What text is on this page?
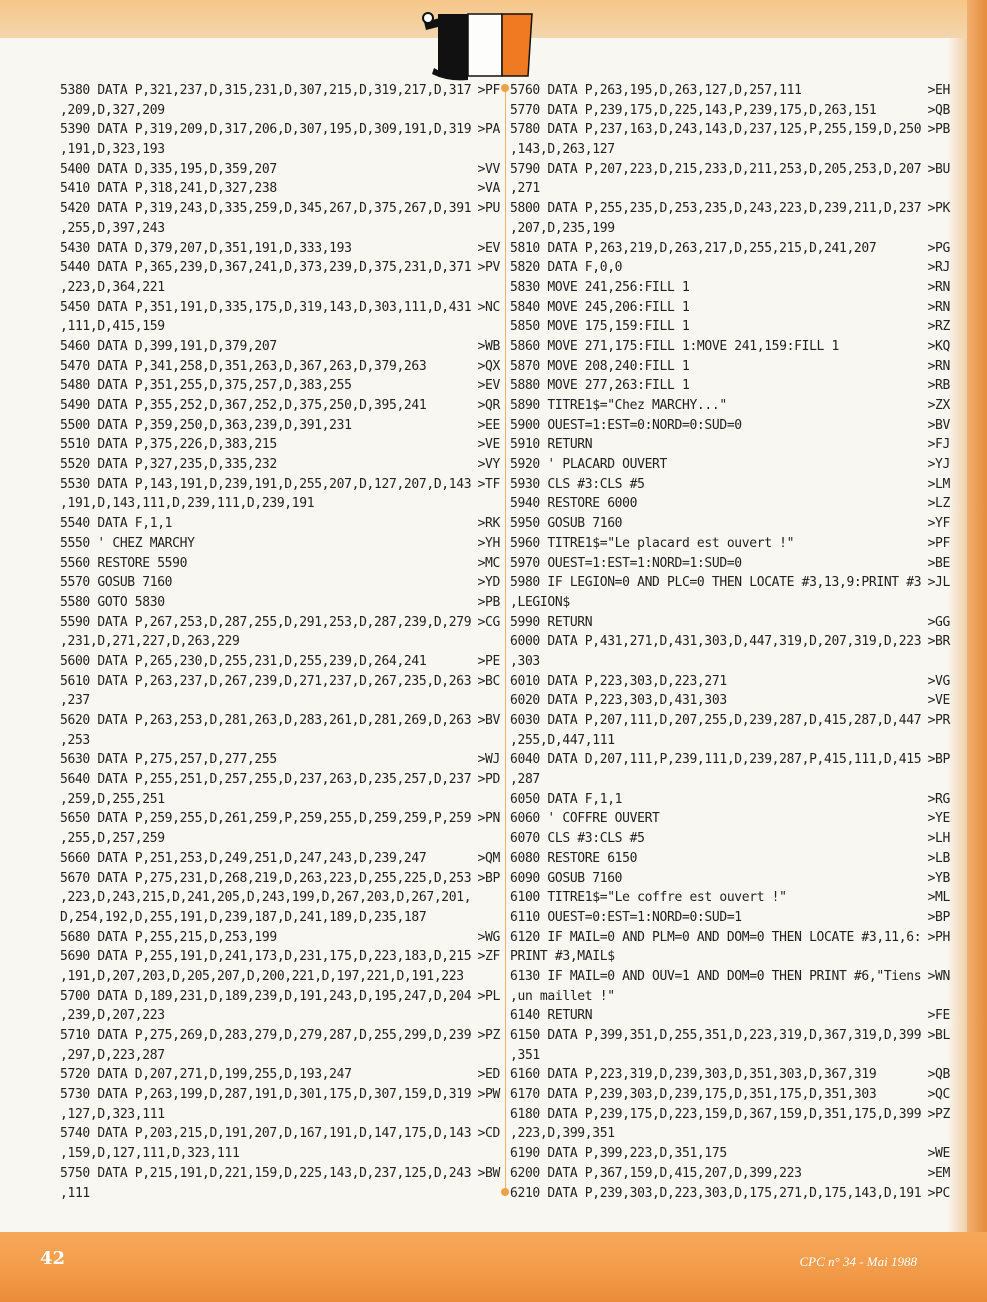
5380 DATA P,321,237,D,315,231,D,307,215,D,319,217,D,317 >PF
,209,D,327,209
5390 DATA P,319,209,D,317,206,D,307,195,D,309,191,D,319 >PA
,191,D,323,193
5400 DATA D,335,195,D,359,207	>VV
5410 DATA P,318,241,D,327,238	>VA
5420 DATA P,319,243,D,335,259,D,345,267,D,375,267,D,391 >PU
,255,D,397,243
5430 DATA D,379,207,D,351,191,D,333,193	>EV
5440 DATA P,365,239,D,367,241,D,373,239,D,375,231,D,371 >PV
,223,D,364,221
5450 DATA P,351,191,D,335,175,D,319,143,D,303,111,D,431 >NC
,111,D,415,159
5460 DATA D,399,191,D,379,207	>WB
5470 DATA P,341,258,D,351,263,D,367,263,D,379,263	>QX
5480 DATA P,351,255,D,375,257,D,383,255	>EV
5490 DATA P,355,252,D,367,252,D,375,250,D,395,241	>QR
5500 DATA P,359,250,D,363,239,D,391,231	>EE
5510 DATA P,375,226,D,383,215	>VE
5520 DATA P,327,235,D,335,232	>VY
5530 DATA P,143,191,D,239,191,D,255,207,D,127,207,D,143 >TF
,191,D,143,111,D,239,111,D,239,191
5540 DATA F,1,1	>RK
5550 ' CHEZ MARCHY	>YH
5560 RESTORE 5590	>MC
5570 GOSUB 7160	>YD
5580 GOTO 5830	>PB
5590 DATA P,267,253,D,287,255,D,291,253,D,287,239,D,279 >CG
,231,D,271,227,D,263,229
5600 DATA P,265,230,D,255,231,D,255,239,D,264,241	>PE
5610 DATA P,263,237,D,267,239,D,271,237,D,267,235,D,263 >BC
,237
5620 DATA P,263,253,D,281,263,D,283,261,D,281,269,D,263 >BV
,253
5630 DATA P,275,257,D,277,255	>WJ
5640 DATA P,255,251,D,257,255,D,237,263,D,235,257,D,237 >PD
,259,D,255,251
5650 DATA P,259,255,D,261,259,P,259,255,D,259,259,P,259 >PN
,255,D,257,259
5660 DATA P,251,253,D,249,251,D,247,243,D,239,247	>QM
5670 DATA P,275,231,D,268,219,D,263,223,D,255,225,D,253 >BP
,223,D,243,215,D,241,205,D,243,199,D,267,203,D,267,201,
D,254,192,D,255,191,D,239,187,D,241,189,D,235,187
5680 DATA P,255,215,D,253,199	>WG
5690 DATA P,255,191,D,241,173,D,231,175,D,223,183,D,215 >ZF
,191,D,207,203,D,205,207,D,200,221,D,197,221,D,191,223
5700 DATA D,189,231,D,189,239,D,191,243,D,195,247,D,204 >PL
,239,D,207,223
5710 DATA P,275,269,D,283,279,D,279,287,D,255,299,D,239 >PZ
,297,D,223,287
5720 DATA D,207,271,D,199,255,D,193,247	>ED
5730 DATA P,263,199,D,287,191,D,301,175,D,307,159,D,319 >PW
,127,D,323,111
5740 DATA P,203,215,D,191,207,D,167,191,D,147,175,D,143 >CD
,159,D,127,111,D,323,111
5750 DATA P,215,191,D,221,159,D,225,143,D,237,125,D,243 >BW
,111
5760 DATA P,263,195,D,263,127,D,257,111	>EH
5770 DATA P,239,175,D,225,143,P,239,175,D,263,151	>QB
5780 DATA P,237,163,D,243,143,D,237,125,P,255,159,D,250 >PB
,143,D,263,127
5790 DATA P,207,223,D,215,233,D,211,253,D,205,253,D,207 >BU
,271
5800 DATA P,255,235,D,253,235,D,243,223,D,239,211,D,237 >PK
,207,D,235,199
5810 DATA P,263,219,D,263,217,D,255,215,D,241,207	>PG
5820 DATA F,0,0	>RJ
5830 MOVE 241,256:FILL 1	>RN
5840 MOVE 245,206:FILL 1	>RN
5850 MOVE 175,159:FILL 1	>RZ
5860 MOVE 271,175:FILL 1:MOVE 241,159:FILL 1	>KQ
5870 MOVE 208,240:FILL 1	>RN
5880 MOVE 277,263:FILL 1	>RB
5890 TITRE1$="Chez MARCHY..."	>ZX
5900 OUEST=1:EST=0:NORD=0:SUD=0	>BV
5910 RETURN	>FJ
5920 ' PLACARD OUVERT	>YJ
5930 CLS #3:CLS #5	>LM
5940 RESTORE 6000	>LZ
5950 GOSUB 7160	>YF
5960 TITRE1$="Le placard est ouvert !"	>PF
5970 OUEST=1:EST=1:NORD=1:SUD=0	>BE
5980 IF LEGION=0 AND PLC=0 THEN LOCATE #3,13,9:PRINT #3 >JL
,LEGION$
5990 RETURN	>GG
6000 DATA P,431,271,D,431,303,D,447,319,D,207,319,D,223 >BR
,303
6010 DATA P,223,303,D,223,271	>VG
6020 DATA P,223,303,D,431,303	>VE
6030 DATA P,207,111,D,207,255,D,239,287,D,415,287,D,447 >PR
,255,D,447,111
6040 DATA D,207,111,P,239,111,D,239,287,P,415,111,D,415 >BP
,287
6050 DATA F,1,1	>RG
6060 ' COFFRE OUVERT	>YE
6070 CLS #3:CLS #5	>LH
6080 RESTORE 6150	>LB
6090 GOSUB 7160	>YB
6100 TITRE1$="Le coffre est ouvert !"	>ML
6110 OUEST=0:EST=1:NORD=0:SUD=1	>BP
6120 IF MAIL=0 AND PLM=0 AND DOM=0 THEN LOCATE #3,11,6: >PH
PRINT #3,MAIL$
6130 IF MAIL=0 AND OUV=1 AND DOM=0 THEN PRINT #6,"Tiens >WN
,un maillet !"
6140 RETURN	>FE
6150 DATA P,399,351,D,255,351,D,223,319,D,367,319,D,399 >BL
,351
6160 DATA P,223,319,D,239,303,D,351,303,D,367,319	>QB
6170 DATA P,239,303,D,239,175,D,351,175,D,351,303	>QC
6180 DATA P,239,175,D,223,159,D,367,159,D,351,175,D,399 >PZ
,223,D,399,351
6190 DATA P,399,223,D,351,175	>WE
6200 DATA P,367,159,D,415,207,D,399,223	>EM
6210 DATA P,239,303,D,223,303,D,175,271,D,175,143,D,191 >PC
42	CPC n° 34 - Mai 1988
